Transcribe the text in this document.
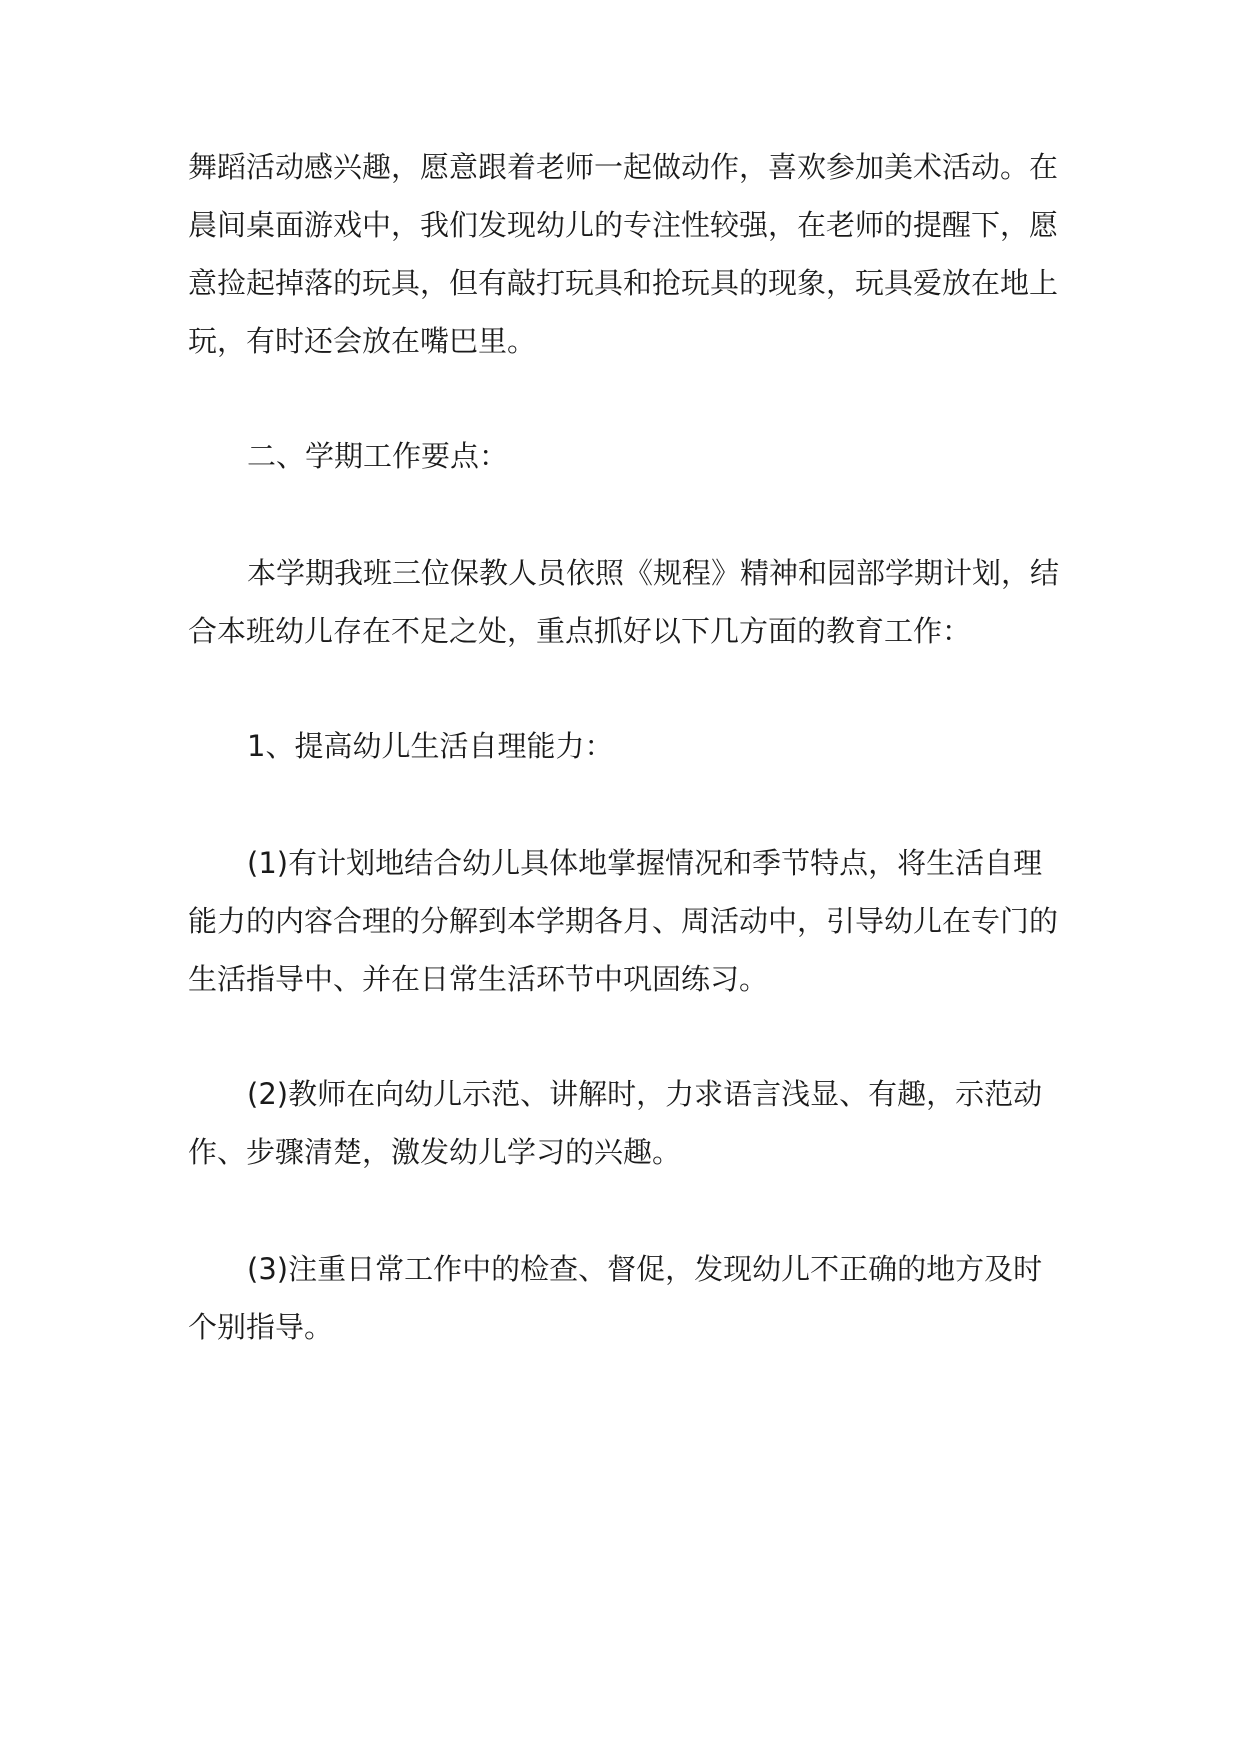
舞蹈活动感兴趣，愿意跟着老师一起做动作，喜欢参加美术活动。在
晨间桌面游戏中，我们发现幼儿的专注性较强，在老师的提醒下，愿
意捡起掉落的玩具，但有敲打玩具和抢玩具的现象，玩具爱放在地上
玩，有时还会放在嘴巴里。
二、学期工作要点：
本学期我班三位保教人员依照《规程》精神和园部学期计划，结
合本班幼儿存在不足之处，重点抓好以下几方面的教育工作：
1、提高幼儿生活自理能力：
(1)有计划地结合幼儿具体地掌握情况和季节特点，将生活自理
能力的内容合理的分解到本学期各月、周活动中，引导幼儿在专门的
生活指导中、并在日常生活环节中巩固练习。
(2)教师在向幼儿示范、讲解时，力求语言浅显、有趣，示范动
作、步骤清楚，激发幼儿学习的兴趣。
(3)注重日常工作中的检查、督促，发现幼儿不正确的地方及时
个别指导。
